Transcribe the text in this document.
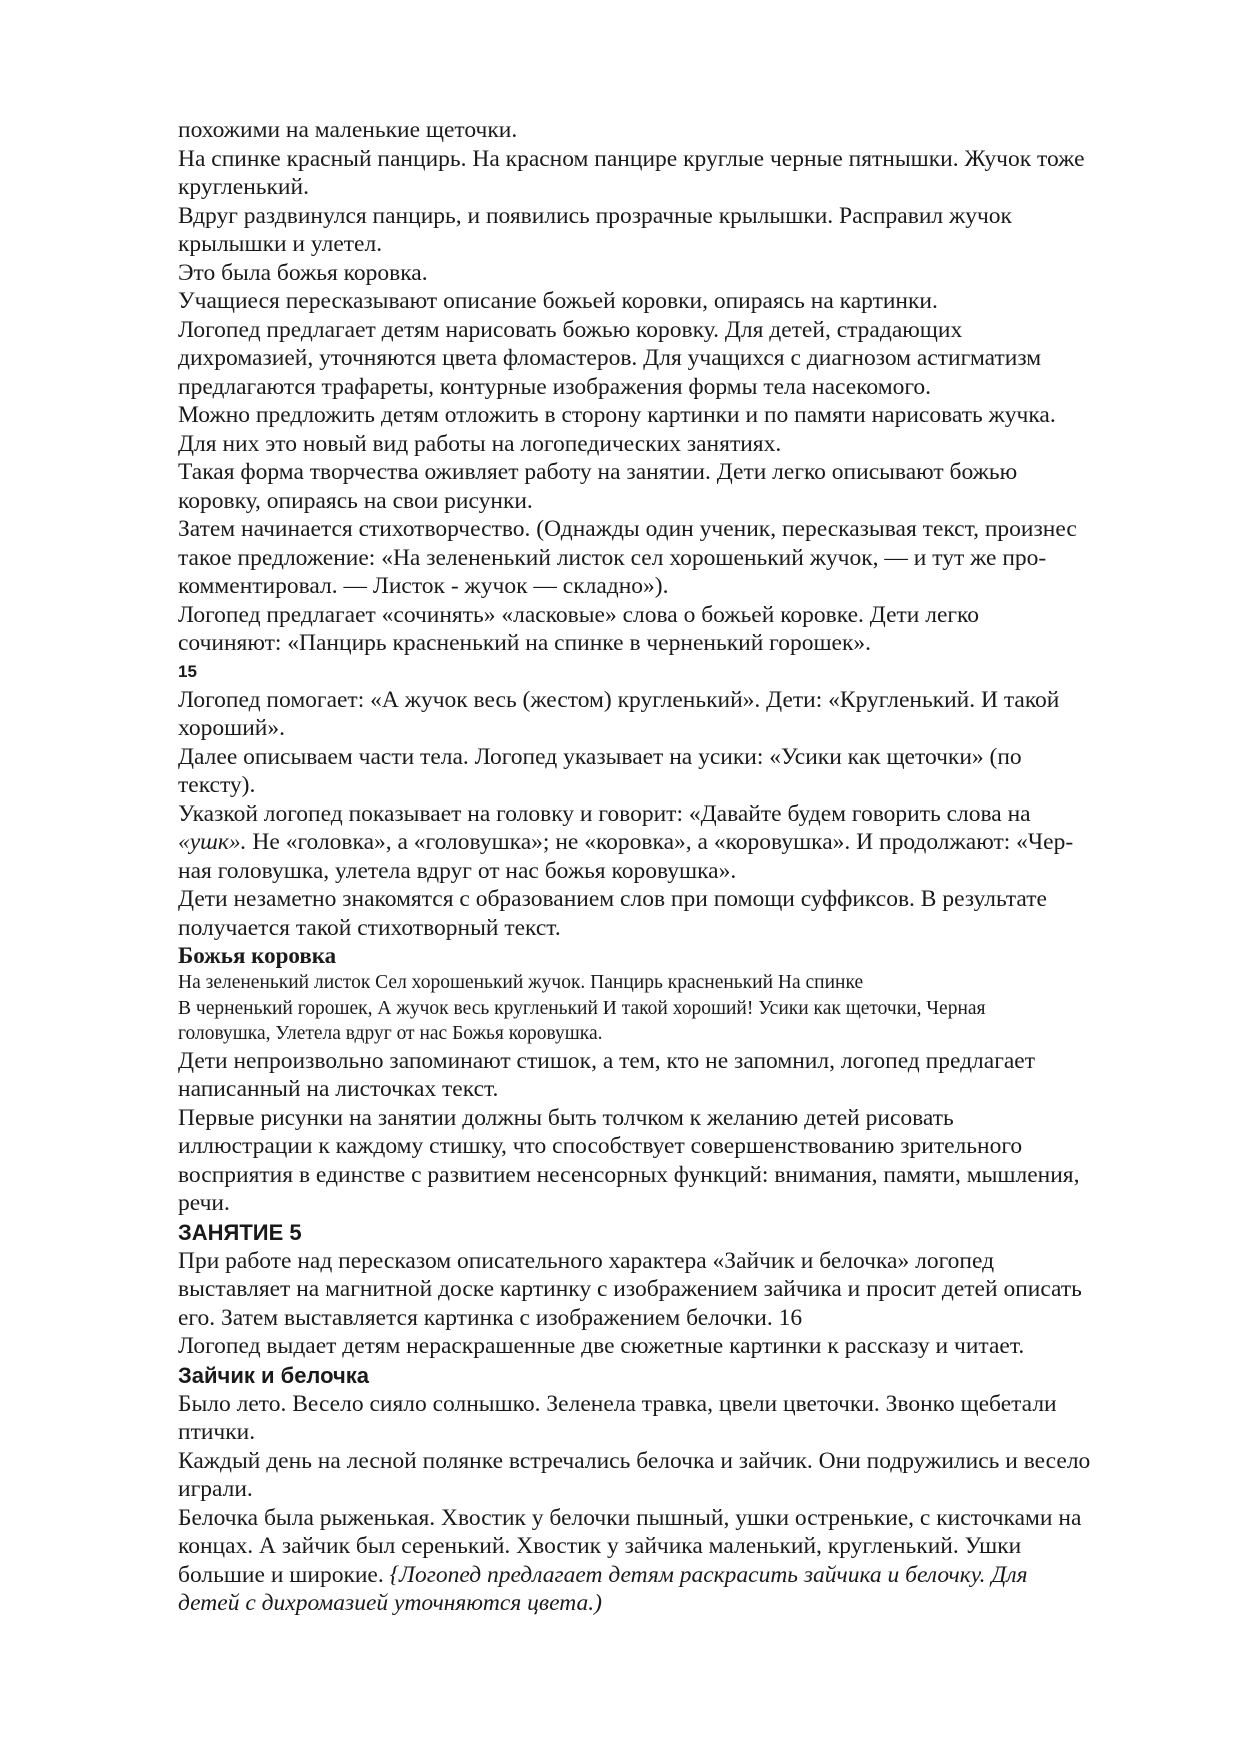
похожими на маленькие щеточки.

На спинке красный панцирь. На красном панцире круглые черные пятнышки. Жучок тоже
кругленький.

Вдруг раздвинулся панцирь, и появились прозрачные крылышки. Расправил жучок
крылышки и улетел.

Это была божья коровка.

Учащиеся пересказывают описание божьей коровки, опираясь на картинки.

Логопед предлагает детям нарисовать божью коровку. Для детей, страдающих
дихромазией, уточняются цвета фломастеров. Для учащихся с диагнозом астигматизм
предлагаются трафареты, контурные изображения формы тела насекомого.

Можно предложить детям отложить в сторону картинки и по памяти нарисовать жучка.
Для них это новый вид работы на логопедических занятиях.

Такая форма творчества оживляет работу на занятии. Дети легко описывают божью
коровку, опираясь на свои рисунки.

Затем начинается стихотворчество. (Однажды один ученик, пересказывая текст, произнес
такое предложение: «На зелененький листок сел хорошенький жучок, — и тут же про-
комментировал. — Листок - жучок — складно»).

Логопед предлагает «сочинять» «ласковые» слова о божьей коровке. Дети легко
сочиняют: «Панцирь красненький на спинке в черненький горошек».

15

Логопед помогает: «А жучок весь (жестом) кругленький». Дети: «Кругленький. И такой
хороший».

Далее описываем части тела. Логопед указывает на усики: «Усики как щеточки» (по
тексту).

Указкой логопед показывает на головку и говорит: «Давайте будем говорить слова на
«ушк». Не «головка», а «головушка»; не «коровка», а «коровушка». И продолжают: «Чер-
ная головушка, улетела вдруг от нас божья коровушка».

Дети незаметно знакомятся с образованием слов при помощи суффиксов. В результате
получается такой стихотворный текст.

Божья коровка
На зелененький листок Сел хорошенький жучок. Панцирь красненький На спинке
В черненький горошек, А жучок весь кругленький И такой хороший! Усики как щеточки, Черная
головушка, Улетела вдруг от нас Божья коровушка.

Дети непроизвольно запоминают стишок, а тем, кто не запомнил, логопед предлагает
написанный на листочках текст.

Первые рисунки на занятии должны быть толчком к желанию детей рисовать
иллюстрации к каждому стишку, что способствует совершенствованию зрительного
восприятия в единстве с развитием несенсорных функций: внимания, памяти, мышления,
речи.

ЗАНЯТИЕ 5

При работе над пересказом описательного характера «Зайчик и белочка» логопед
выставляет на магнитной доске картинку с изображением зайчика и просит детей описать
его. Затем выставляется картинка с изображением белочки. 16

Логопед выдает детям нераскрашенные две сюжетные картинки к рассказу и читает.

Зайчик и белочка

Было лето. Весело сияло солнышко. Зеленела травка, цвели цветочки. Звонко щебетали
птички.

Каждый день на лесной полянке встречались белочка и зайчик. Они подружились и весело
играли.

Белочка была рыженькая. Хвостик у белочки пышный, ушки остренькие, с кисточками на
концах. А зайчик был серенький. Хвостик у зайчика маленький, кругленький. Ушки
большие и широкие. {Логопед предлагает детям раскрасить зайчика и белочку. Для
детей с дихромазией уточняются цвета.)
